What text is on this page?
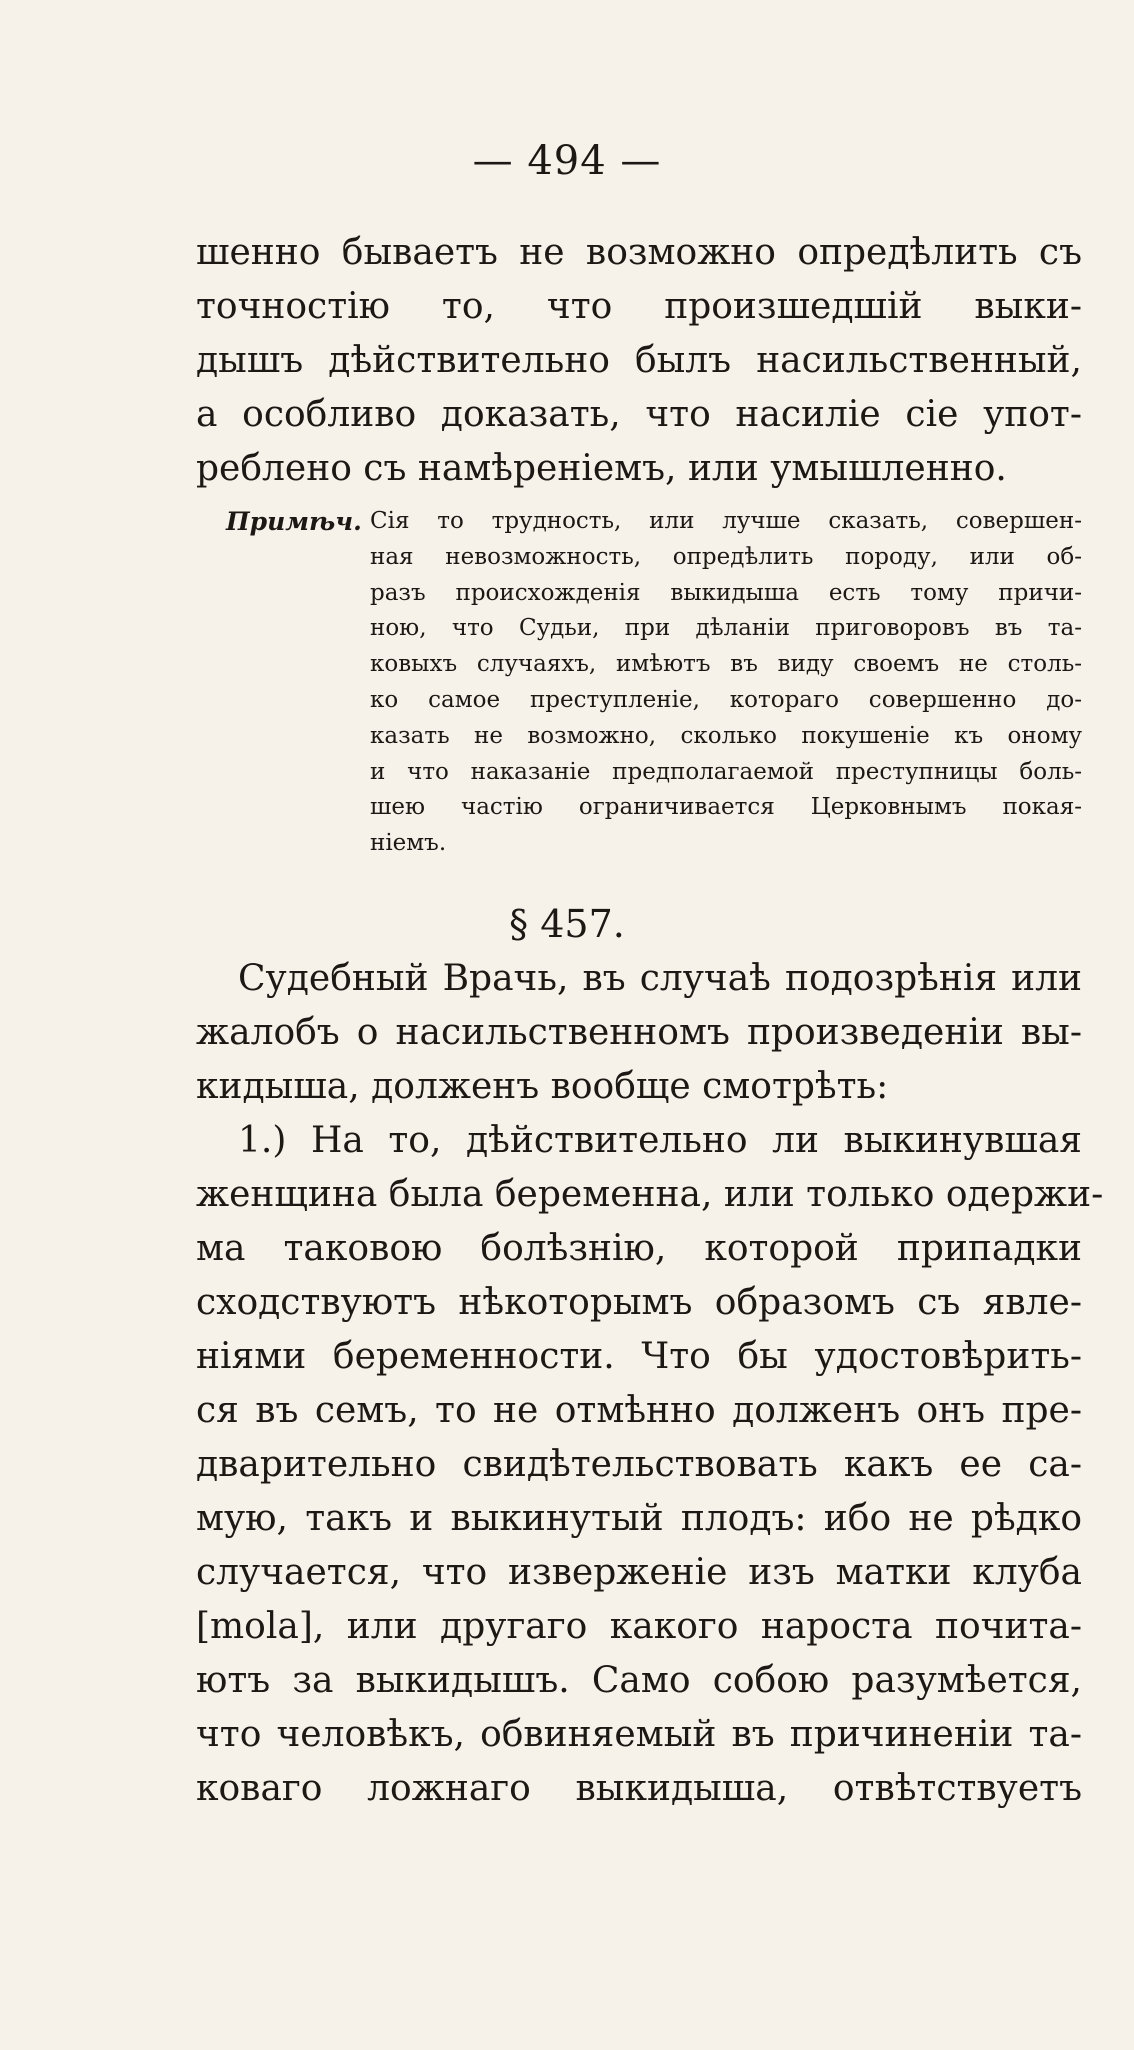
— 494 —
шенно бываетъ не возможно опредѣлить съ
точностію то, что произшедшій выки-
дышъ дѣйствительно былъ насильственный,
а особливо доказать, что насиліе сіе упот-
реблено съ намѣреніемъ, или умышленно.
Примѣч. Сія то трудность, или лучше сказать, совершен-
ная невозможность, опредѣлить породу, или об-
разъ происхожденія выкидыша есть тому причи-
ною, что Судьи, при дѣланіи приговоровъ въ та-
ковыхъ случаяхъ, имѣютъ въ виду своемъ не столь-
ко самое преступленіе, котораго совершенно до-
казать не возможно, сколько покушеніе къ оному
и что наказаніе предполагаемой преступницы боль-
шею частію ограничивается Церковнымъ покая-
ніемъ.
§ 457.
Судебный Врачь, въ случаѣ подозрѣнія или
жалобъ о насильственномъ произведеніи вы-
кидыша, долженъ вообще смотрѣть:
1.) На то, дѣйствительно ли выкинувшая
женщина была беременна, или только одержи-
ма таковою болѣзнію, которой припадки
сходствуютъ нѣкоторымъ образомъ съ явле-
ніями беременности. Что бы удостовѣрить-
ся въ семъ, то не отмѣнно долженъ онъ пре-
дварительно свидѣтельствовать какъ ее са-
мую, такъ и выкинутый плодъ: ибо не рѣдко
случается, что изверженіе изъ матки клуба
[mola], или другаго какого нароста почита-
ютъ за выкидышъ. Само собою разумѣется,
что человѣкъ, обвиняемый въ причиненіи та-
коваго ложнаго выкидыша, отвѣтствуетъ
